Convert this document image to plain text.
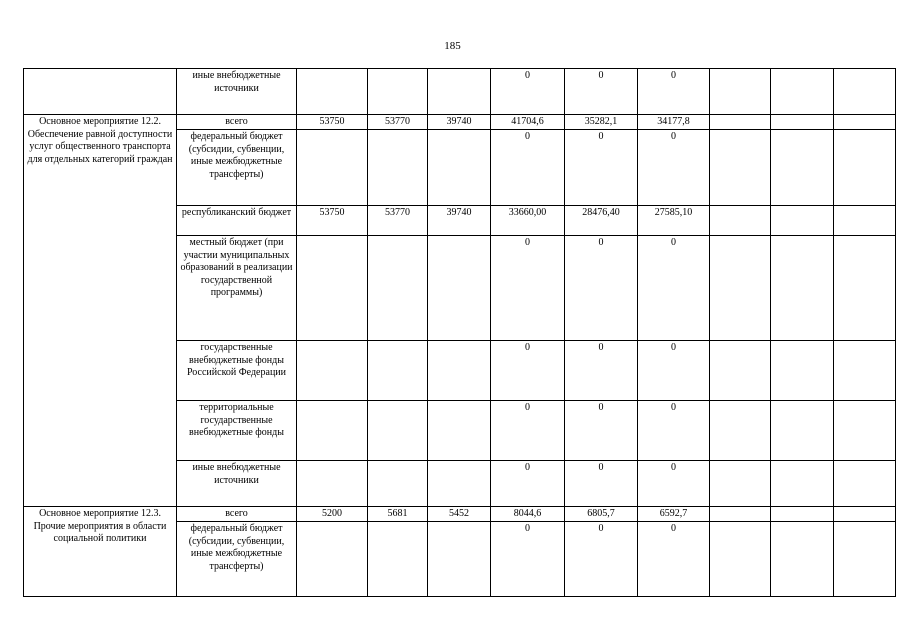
185
	иные внебюджетные источники				0	0	0			
Основное мероприятие 12.2. Обеспечение равной доступности услуг общественного транспорта для отдельных категорий граждан	всего	53750	53770	39740	41704,6	35282,1	34177,8			
	федеральный бюджет (субсидии, субвенции, иные межбюджетные трансферты)				0	0	0			
	республиканский бюджет	53750	53770	39740	33660,00	28476,40	27585,10			
	местный бюджет (при участии муниципальных образований в реализации государственной программы)				0	0	0			
	государственные внебюджетные фонды Российской Федерации				0	0	0			
	территориальные государственные внебюджетные фонды				0	0	0			
	иные внебюджетные источники				0	0	0			
Основное мероприятие 12.3. Прочие мероприятия в области социальной политики	всего	5200	5681	5452	8044,6	6805,7	6592,7			
	федеральный бюджет (субсидии, субвенции, иные межбюджетные трансферты)				0	0	0			
